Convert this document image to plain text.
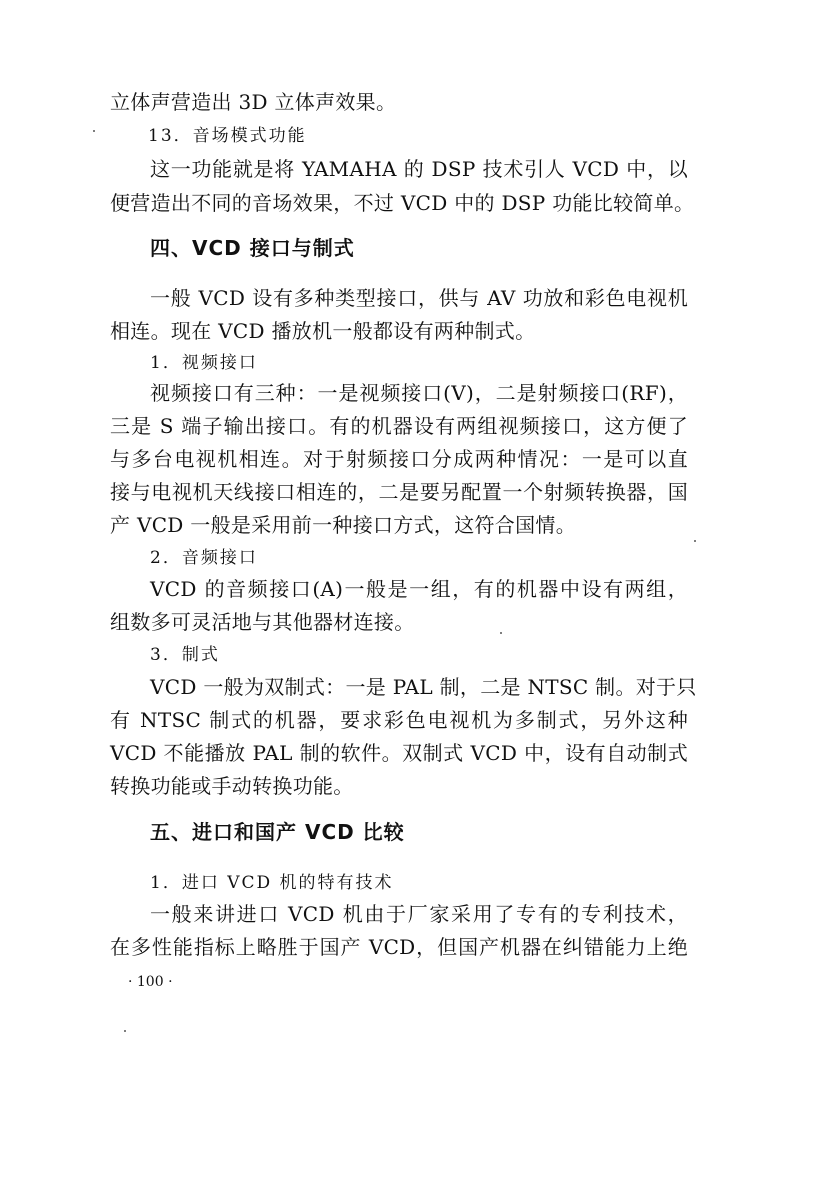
立体声营造出 3D 立体声效果。
13．音场模式功能
这一功能就是将 YAMAHA 的 DSP 技术引人 VCD 中，以
便营造出不同的音场效果，不过 VCD 中的 DSP 功能比较简单。
四、VCD 接口与制式
一般 VCD 设有多种类型接口，供与 AV 功放和彩色电视机
相连。现在 VCD 播放机一般都设有两种制式。
1．视频接口
视频接口有三种：一是视频接口(V)，二是射频接口(RF)，
三是 S 端子输出接口。有的机器设有两组视频接口，这方便了
与多台电视机相连。对于射频接口分成两种情况：一是可以直
接与电视机天线接口相连的，二是要另配置一个射频转换器，国
产 VCD 一般是采用前一种接口方式，这符合国情。
2．音频接口
VCD 的音频接口(A)一般是一组，有的机器中设有两组，
组数多可灵活地与其他器材连接。
3．制式
VCD 一般为双制式：一是 PAL 制，二是 NTSC 制。对于只
有 NTSC 制式的机器，要求彩色电视机为多制式，另外这种
VCD 不能播放 PAL 制的软件。双制式 VCD 中，设有自动制式
转换功能或手动转换功能。
五、进口和国产 VCD 比较
1．进口 VCD 机的特有技术
一般来讲进口 VCD 机由于厂家采用了专有的专利技术，
在多性能指标上略胜于国产 VCD，但国产机器在纠错能力上绝
· 100 ·
